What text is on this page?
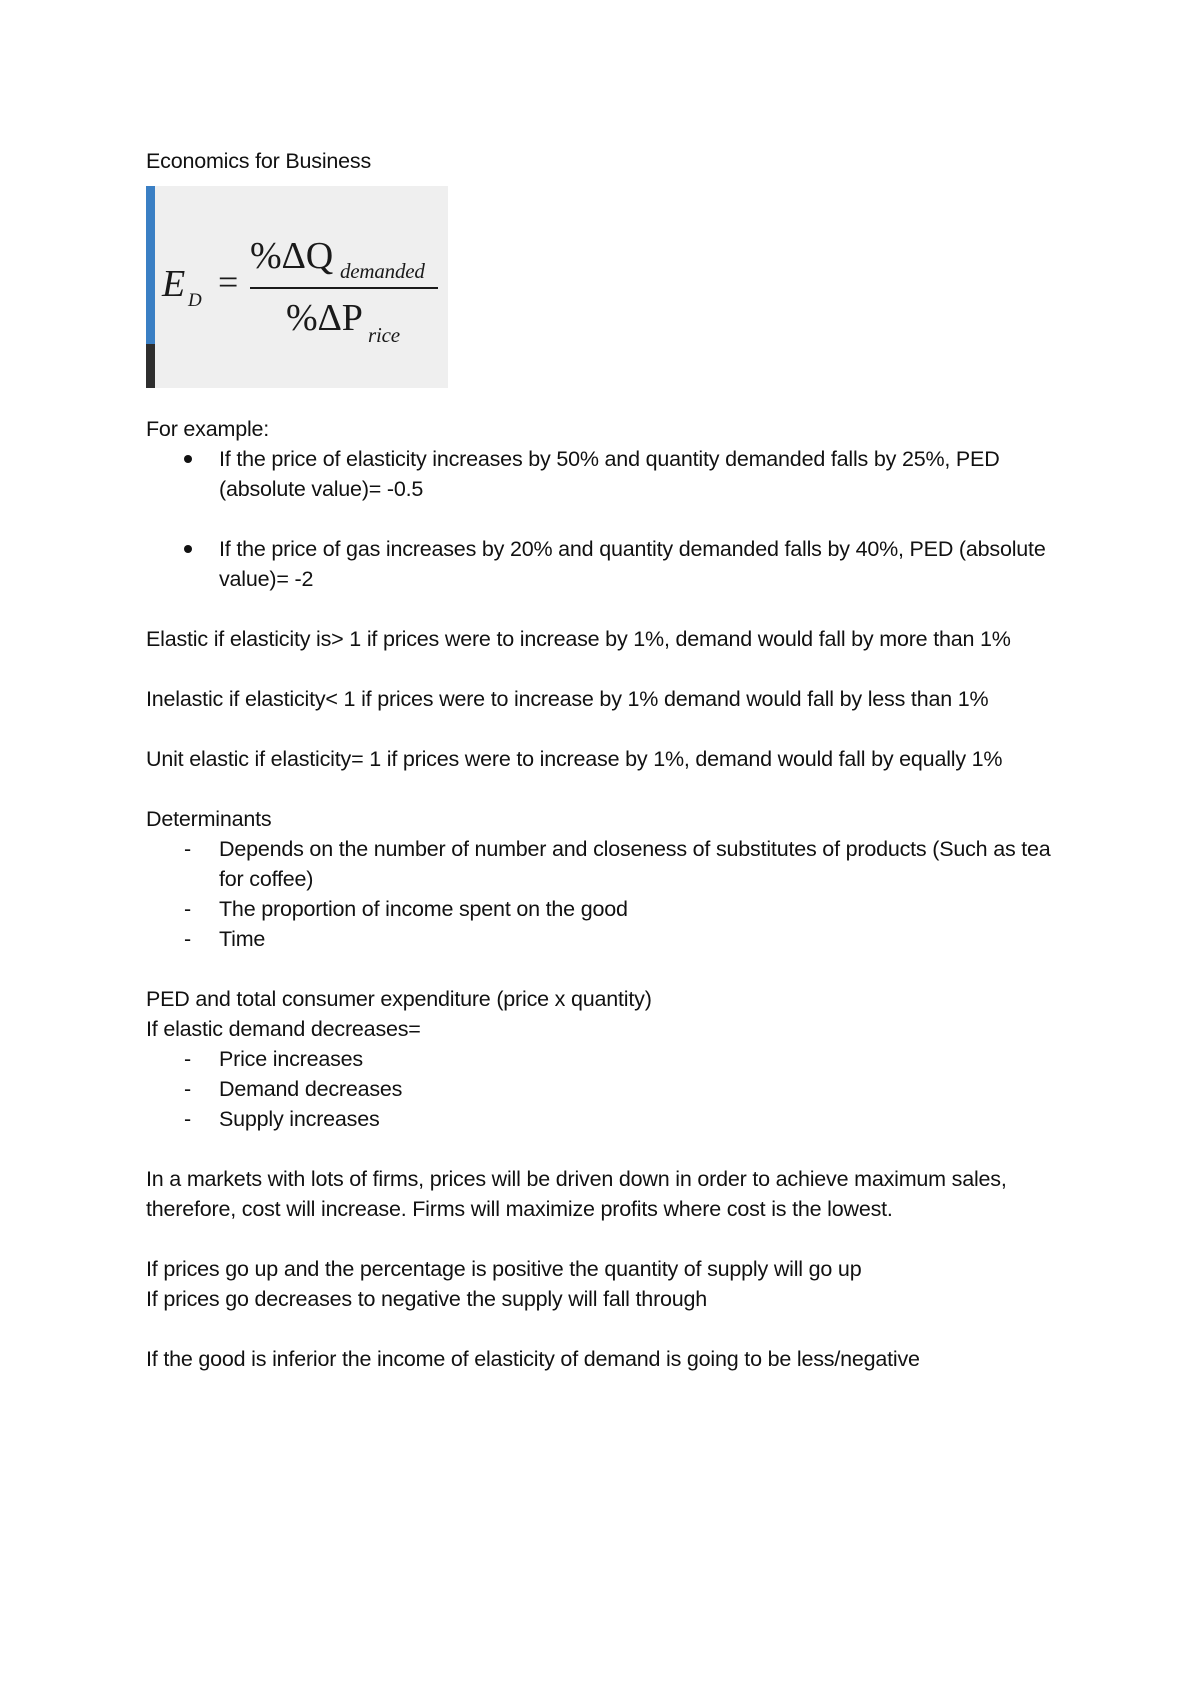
Economics for Business

E D =
%ΔQ demanded
%ΔP rice

For example:

If the price of elasticity increases by 50% and quantity demanded falls by 25%, PED (absolute value)= -0.5
If the price of gas increases by 20% and quantity demanded falls by 40%, PED (absolute value)= -2

Elastic if elasticity is> 1 if prices were to increase by 1%, demand would fall by more than 1%

Inelastic if elasticity< 1 if prices were to increase by 1% demand would fall by less than 1%

Unit elastic if elasticity= 1 if prices were to increase by 1%, demand would fall by equally 1%

Determinants

- Depends on the number of number and closeness of substitutes of products (Such as tea for coffee)
- The proportion of income spent on the good
- Time

PED and total consumer expenditure (price x quantity)

If elastic demand decreases=

- Price increases
- Demand decreases
- Supply increases

In a markets with lots of firms, prices will be driven down in order to achieve maximum sales, therefore, cost will increase. Firms will maximize profits where cost is the lowest.

If prices go up and the percentage is positive the quantity of supply will go up

If prices go decreases to negative the supply will fall through

If the good is inferior the income of elasticity of demand is going to be less/negative
